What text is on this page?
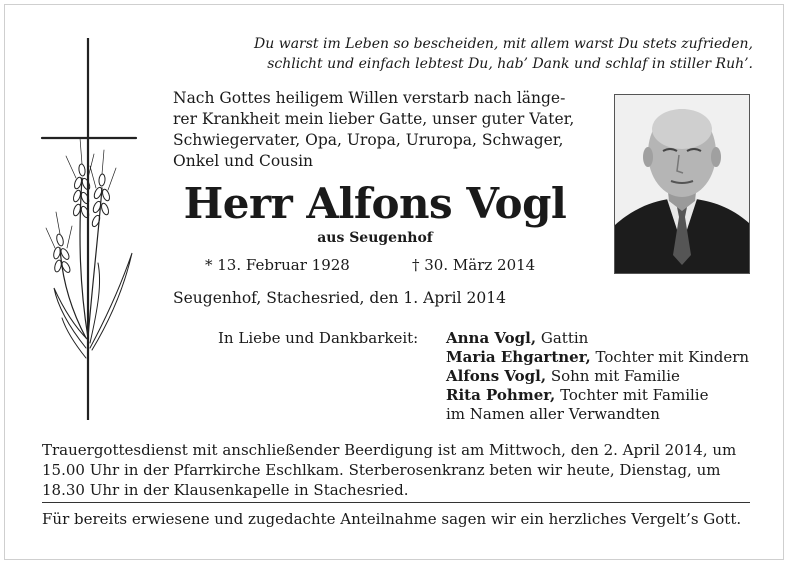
Du warst im Leben so bescheiden, mit allem warst Du stets zufrieden,
schlicht und einfach lebtest Du, hab’ Dank und schlaf in stiller Ruh’.
Nach Gottes heiligem Willen verstarb nach länge-
rer Krankheit mein lieber Gatte, unser guter Vater,
Schwiegervater, Opa, Uropa, Ururopa, Schwager,
Onkel und Cousin
Herr Alfons Vogl
aus Seugenhof
* 13. Februar 1928	† 30. März 2014
Seugenhof, Stachesried, den 1. April 2014
In Liebe und Dankbarkeit: Anna Vogl, Gattin
Maria Ehgartner, Tochter mit Kindern
Alfons Vogl, Sohn mit Familie
Rita Pohmer, Tochter mit Familie
im Namen aller Verwandten
Trauergottesdienst mit anschließender Beerdigung ist am Mittwoch, den 2. April 2014, um
15.00 Uhr in der Pfarrkirche Eschlkam. Sterberosenkranz beten wir heute, Dienstag, um
18.30 Uhr in der Klausenkapelle in Stachesried.
Für bereits erwiesene und zugedachte Anteilnahme sagen wir ein herzliches Vergelt’s Gott.
